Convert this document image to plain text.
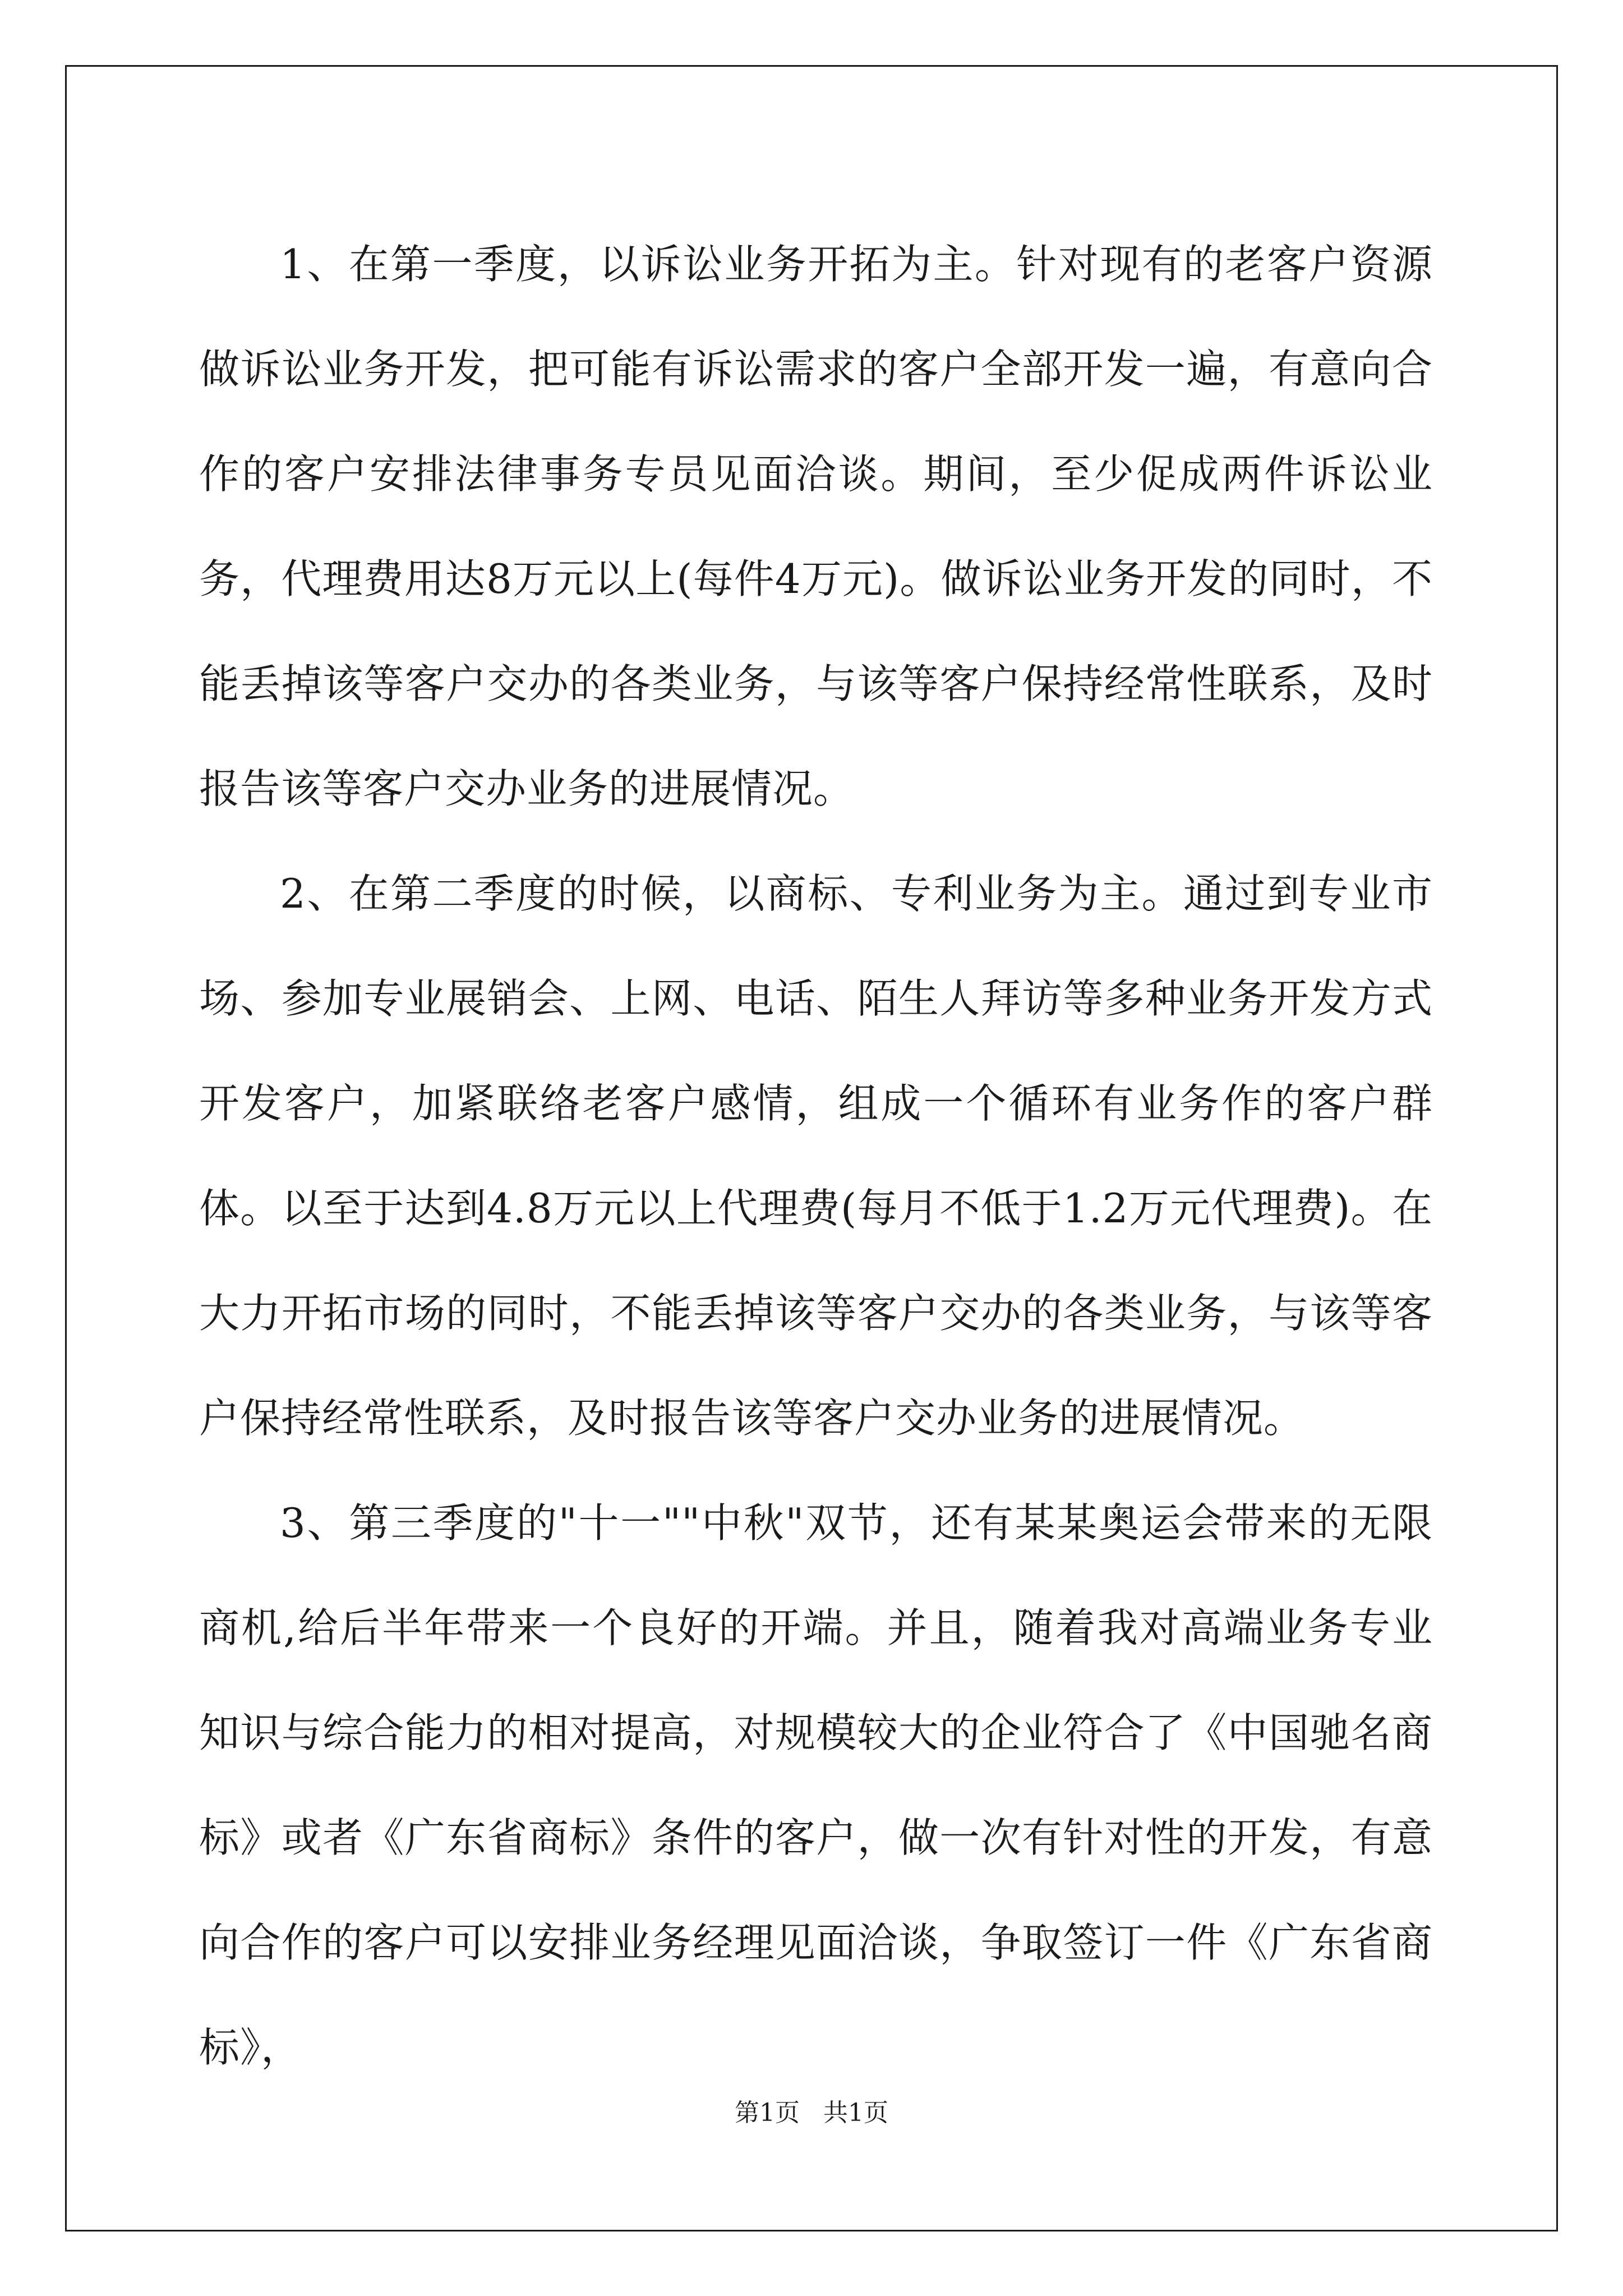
1、在第一季度，以诉讼业务开拓为主。针对现有的老客户资源做诉讼业务开发，把可能有诉讼需求的客户全部开发一遍，有意向合作的客户安排法律事务专员见面洽谈。期间，至少促成两件诉讼业务，代理费用达8万元以上(每件4万元)。做诉讼业务开发的同时，不能丢掉该等客户交办的各类业务，与该等客户保持经常性联系，及时报告该等客户交办业务的进展情况。

2、在第二季度的时候，以商标、专利业务为主。通过到专业市场、参加专业展销会、上网、电话、陌生人拜访等多种业务开发方式开发客户，加紧联络老客户感情，组成一个循环有业务作的客户群体。以至于达到4.8万元以上代理费(每月不低于1.2万元代理费)。在大力开拓市场的同时，不能丢掉该等客户交办的各类业务，与该等客户保持经常性联系，及时报告该等客户交办业务的进展情况。

3、第三季度的"十一""中秋"双节，还有某某奥运会带来的无限商机,给后半年带来一个良好的开端。并且，随着我对高端业务专业知识与综合能力的相对提高，对规模较大的企业符合了《中国驰名商标》或者《广东省商标》条件的客户，做一次有针对性的开发，有意向合作的客户可以安排业务经理见面洽谈，争取签订一件《广东省商标》，

第1页   共1页
